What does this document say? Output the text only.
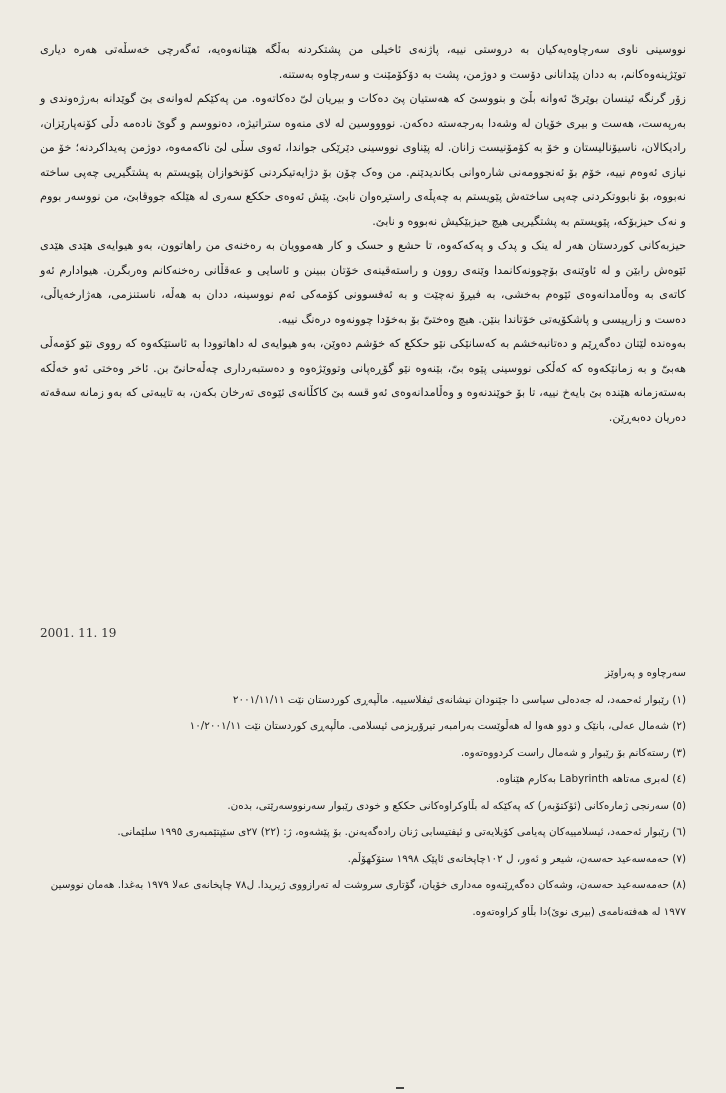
نووسینی ناوی سەرچاوەیەکیان بە دروستی نییە، پاژنەی ئاخیلی من پشتکردنە بەڵگە هێنانەوەیە، ئەگەرچی خەسڵەتی هەرە دیاری توێژینەوەکانم، بە ددان پێدانانی دۆست و دوژمن، پشت بە دۆکۆمێنت و سەرچاوە بەستنە.

زۆر گرنگە ئینسان بوێریّ ئەوانە بڵێ و بنووسێ کە هەستیان پێ دەکات و بیریان لیّ دەکاتەوە. من پەکێکم لەوانەی بێ گوێدانە بەرژەوندی و بەرپەست، هەست و بیری خۆیان لە وشەدا بەرجەستە دەکەن. نووووسین لە لای منەوە ستراتیژە، دەنووسم و گوێ نادەمە دڵی کۆنەپارێزان، رادیکالان، ناسیۆنالیستان و خۆ بە کۆمۆنیست زانان. لە پێناوی نووسینی دێرێکی جواندا، ئەوی سڵی لێ ناکەمەوە، دوژمن پەیداکردنە؛ خۆ من نیازی ئەوەم نییە، خۆم بۆ ئەنجوومەنی شارەوانی بکاندیدێنم. من وەک چۆن بۆ دژایەتیکردنی کۆنخوازان پێویستم بە پشتگیریی چەپی ساختە نەبووە، بۆ نابووتکردنی چەپی ساختەش پێویستم بە چەپڵەی راستڕەوان نابێ. پێش ئەوەی حککع سەری لە هێلکە جووقابێ، من نووسەر بووم و نەک حیزبۆکە، پێویستم بە پشتگیریی هیچ حیزبێکیش نەبووە و نابێ.

حیزبەکانی کوردستان هەر لە ینک و پدک و پەکەکەوە، تا حشع و حسک و کار هەموویان بە رەخنەی من راهاتوون، بەو هیوایەی هێدی هێدی ئێوەش رابێن و لە ئاوێنەی بۆچوونەکانمدا وێنەی روون و راستەقینەی خۆتان ببینن و ئاسایی و عەقڵانی رەخنەکانم وەربگرن. هیوادارم ئەو کاتەی بە وەڵامدانەوەی ئێوەم بەخشی، بە فیڕۆ نەچێت و بە ئەفسوونی کۆمەکی ئەم نووسینە، ددان بە هەڵە، ناستنزمی، هەژارخەیاڵی، دەست و زارپیسی و پاشکۆیەتی خۆتاندا بنێن. هیچ وەختیّ بۆ بەخۆدا چوونەوە درەنگ نییە.

بەوەندە لێتان دەگەڕێم و دەتانبەخشم بە کەسانێکی نێو حککع کە خۆشم دەوێن، بەو هیوایەی لە داهاتوودا بە ئاستێکەوە کە رووی نێو کۆمەڵی هەبیّ و بە زمانێکەوە کە کەڵکی نووسینی پێوە بیّ، بێنەوە نێو گۆڕەپانی وتووێژەوە و دەستبەرداری چەڵەحانیّ بن. ئاخر وەختی ئەو خەڵکە بەستەزمانە هێندە بێ بایەخ نییە، تا بۆ خوێندنەوە و وەڵامدانەوەی ئەو قسە بێ کاکڵانەی ئێوەی تەرخان بکەن، بە تایبەتی کە بەو زمانە سەقەتە دەریان دەبەڕێن.

2001. 11. 19

سەرچاوە و پەراوێز

(١) رێبوار ئەحمەد، لە جەدەلی سیاسی دا جێنودان نیشانەی ئیفلاسییە. ماڵپەڕی کوردستان نێت ٢٠٠١/١١/١١
(٢) شەمال عەلی، بانێک و دوو هەوا لە هەڵوێست بەرامبەر تیرۆریزمی ئیسلامی. ماڵپەڕی کوردستان نێت ١٠/٢٠٠١/١١
(٣) رستەکانم بۆ رێبوار و شەمال راست کردووەتەوە.
(٤) لەبری مەتاهە Labyrinth بەکارم هێناوە.
(٥) سەرنجی ژمارەکانی (ئۆکتۆبەر) کە پەکێکە لە بڵاوکراوەکانی حککع و خودی رێبوار سەرنووسەرێتی، بدەن.
(٦) رێبوار ئەحمەد، ئیسلامییەکان پەیامی کۆیلایەتی و ئیفتیسابی ژنان رادەگەیەنن. بۆ پێشەوە، ژ: (٢٢) ٢٧ی سێپتێمبەری ١٩٩٥ سلێمانی.
(٧) حەمەسەعید حەسەن، شیعر و ئەور، ل ١٠٢چاپخانەی ئاپێک ١٩٩٨ ستۆکهۆڵم.
(٨) حەمەسەعید حەسەن، وشەکان دەگەڕێنەوە مەداری خۆیان، گۆتاری سروشت لە تەرازووی ژیریدا. ل٧٨ چاپخانەی عەلا ١٩٧٩ بەغدا. هەمان نووسین ١٩٧٧ لە هەفتەنامەی (بیری نوێ)دا بڵاو کراوەتەوە.
